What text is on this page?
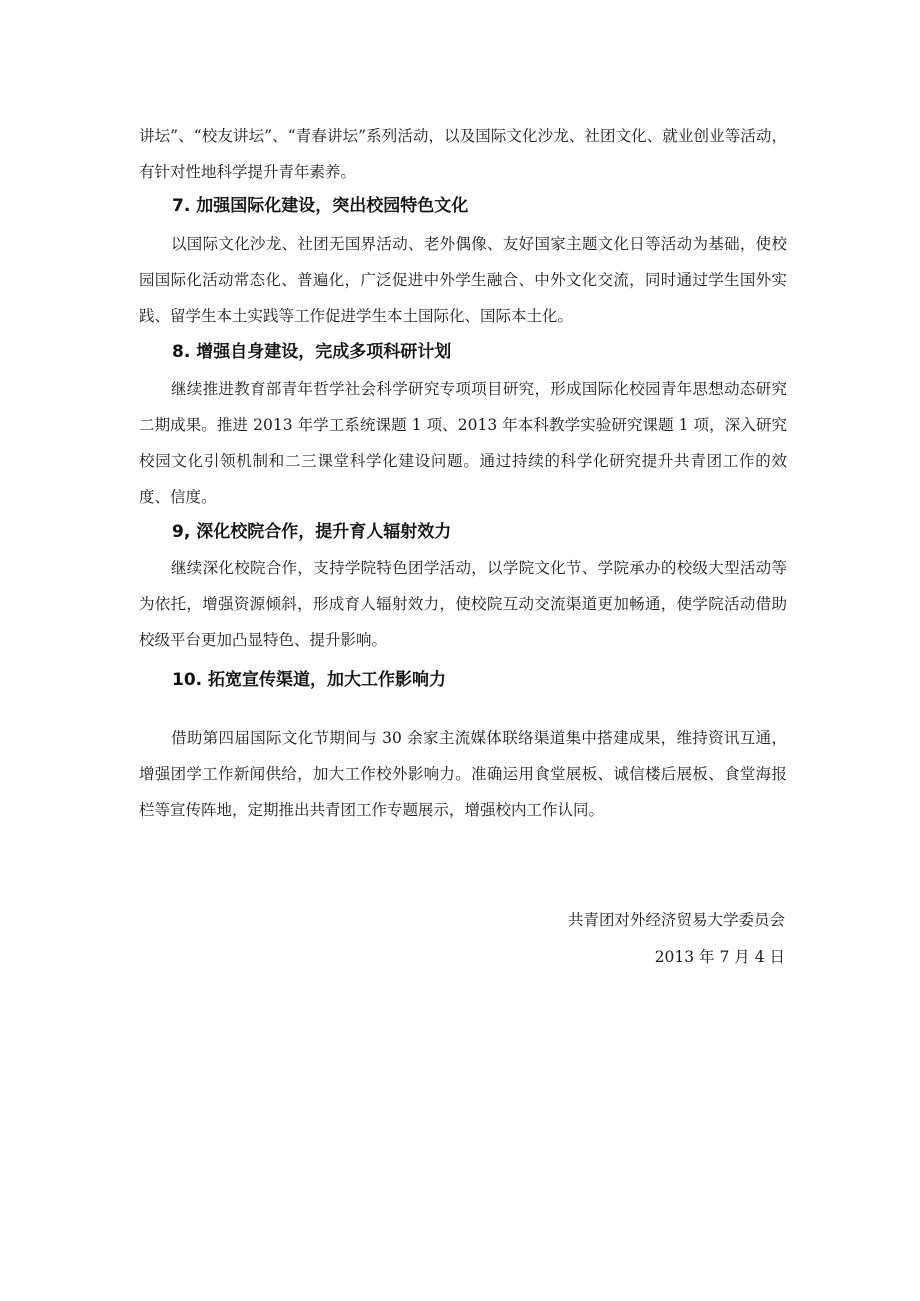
讲坛”、“校友讲坛”、“青春讲坛”系列活动，以及国际文化沙龙、社团文化、就业创业等活动，有针对性地科学提升青年素养。

7. 加强国际化建设，突出校园特色文化

以国际文化沙龙、社团无国界活动、老外偶像、友好国家主题文化日等活动为基础，使校园国际化活动常态化、普遍化，广泛促进中外学生融合、中外文化交流，同时通过学生国外实践、留学生本土实践等工作促进学生本土国际化、国际本土化。

8. 增强自身建设，完成多项科研计划

继续推进教育部青年哲学社会科学研究专项项目研究，形成国际化校园青年思想动态研究二期成果。推进 2013 年学工系统课题 1 项、2013 年本科教学实验研究课题 1 项，深入研究校园文化引领机制和二三课堂科学化建设问题。通过持续的科学化研究提升共青团工作的效度、信度。

9, 深化校院合作，提升育人辐射效力

继续深化校院合作，支持学院特色团学活动，以学院文化节、学院承办的校级大型活动等为依托，增强资源倾斜，形成育人辐射效力，使校院互动交流渠道更加畅通，使学院活动借助校级平台更加凸显特色、提升影响。

10. 拓宽宣传渠道，加大工作影响力

借助第四届国际文化节期间与 30 余家主流媒体联络渠道集中搭建成果，维持资讯互通，增强团学工作新闻供给，加大工作校外影响力。准确运用食堂展板、诚信楼后展板、食堂海报栏等宣传阵地，定期推出共青团工作专题展示，增强校内工作认同。

共青团对外经济贸易大学委员会

2013 年 7 月 4 日
